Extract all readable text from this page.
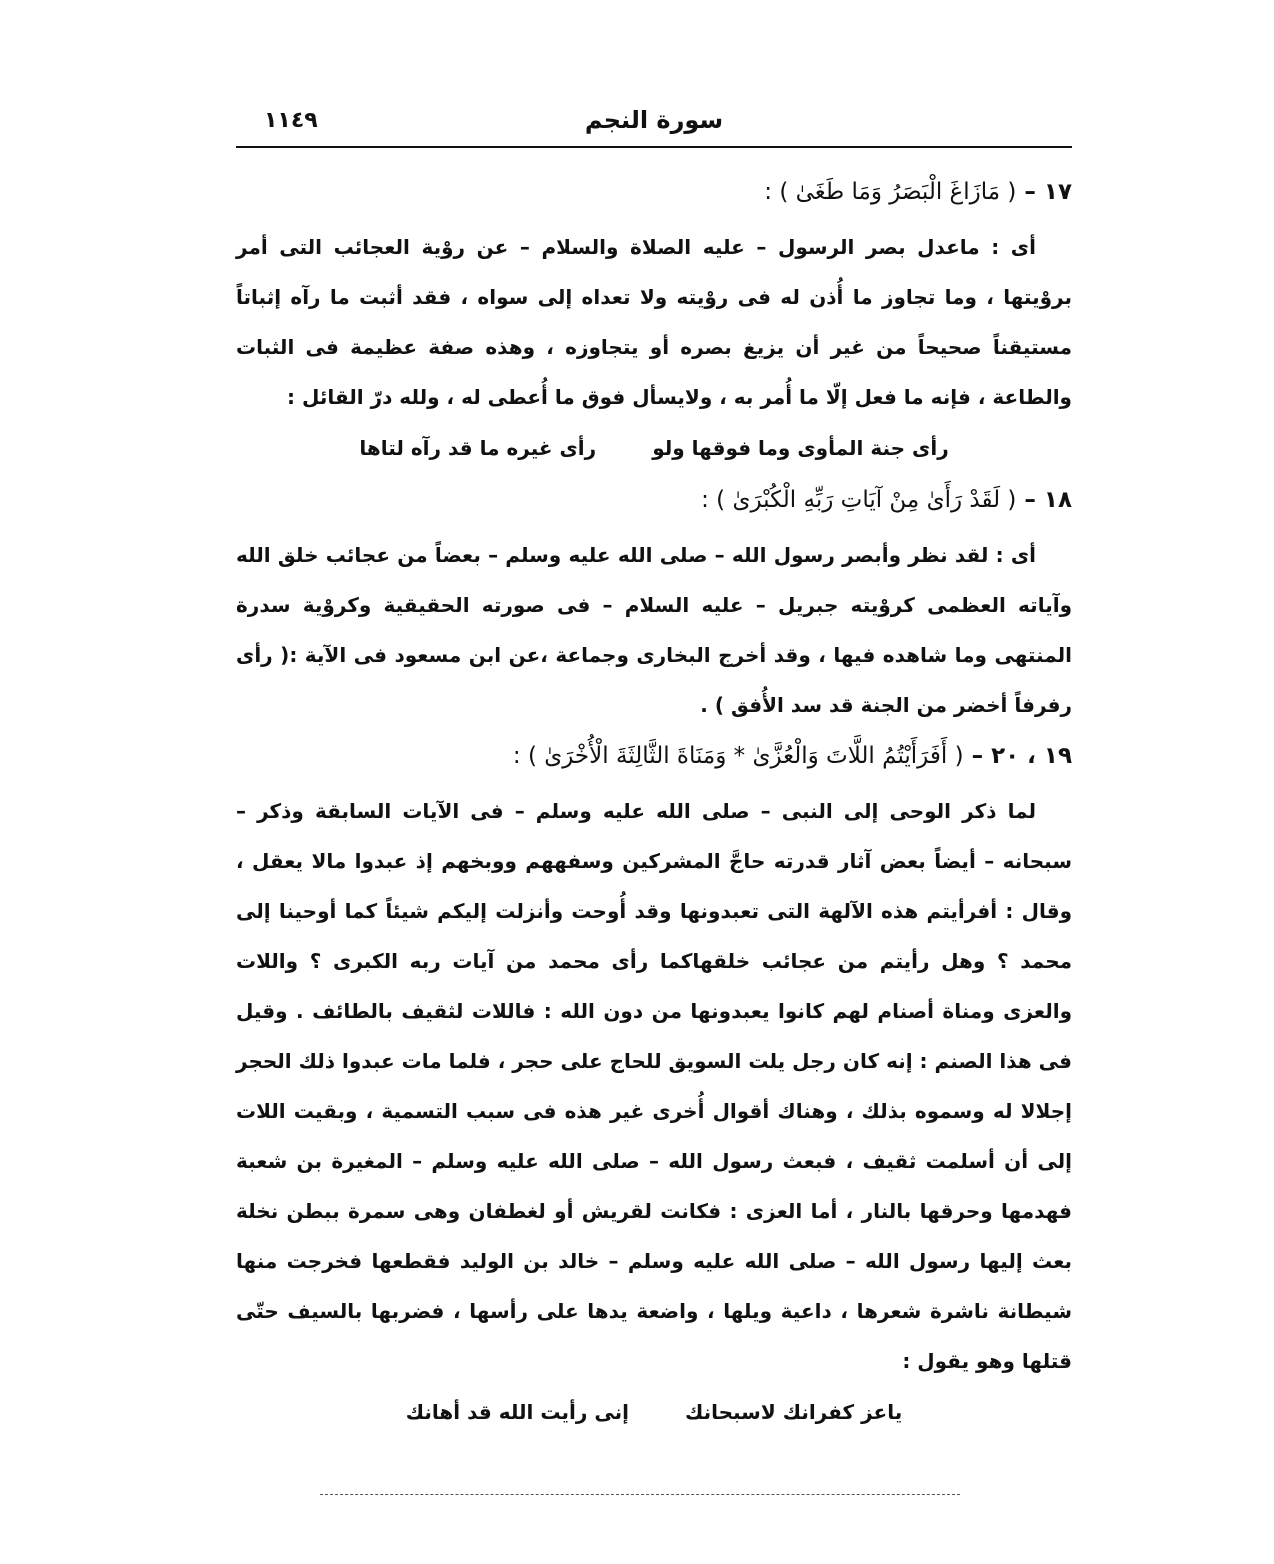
سورة النجم
١١٤٩
١٧ – ( مَازَاغَ الْبَصَرُ وَمَا طَغَىٰ ) :

أى : ماعدل بصر الرسول – عليه الصلاة والسلام – عن روْية العجائب التى أمر بروْيتها ، وما تجاوز ما أُذن له فى روْيته ولا تعداه إلى سواه ، فقد أثبت ما رآه إثباتاً مستيقناً صحيحاً من غير أن يزيغ بصره أو يتجاوزه ، وهذه صفة عظيمة فى الثبات والطاعة ، فإنه ما فعل إلّا ما أُمر به ، ولايسأل فوق ما أُعطى له ، ولله درّ القائل :

رأى جنة المأوى وما فوقها ولو
رأى غيره ما قد رآه لتاها
١٨ – ( لَقَدْ رَأَىٰ مِنْ آيَاتِ رَبِّهِ الْكُبْرَىٰ ) :

أى : لقد نظر وأبصر رسول الله – صلى الله عليه وسلم – بعضاً من عجائب خلق الله وآياته العظمى كروْيته جبريل – عليه السلام – فى صورته الحقيقية وكروْية سدرة المنتهى وما شاهده فيها ، وقد أخرج البخارى وجماعة ،عن ابن مسعود فى الآية :( رأى رفرفاً أخضر من الجنة قد سد الأُفق ) .

١٩ ، ٢٠ – ( أَفَرَأَيْتُمُ اللَّاتَ وَالْعُزَّىٰ * وَمَنَاةَ الثَّالِثَةَ الْأُخْرَىٰ ) :

لما ذكر الوحى إلى النبى – صلى الله عليه وسلم – فى الآيات السابقة وذكر – سبحانه – أيضاً بعض آثار قدرته حاجَّ المشركين وسفههم ووبخهم إذ عبدوا مالا يعقل ، وقال : أفرأيتم هذه الآلهة التى تعبدونها وقد أُوحت وأنزلت إليكم شيئاً كما أوحينا إلى محمد ؟ وهل رأيتم من عجائب خلقهاكما رأى محمد من آيات ربه الكبرى ؟ واللات والعزى ومناة أصنام لهم كانوا يعبدونها من دون الله : فاللات لثقيف بالطائف . وقيل فى هذا الصنم : إنه كان رجل يلت السويق للحاج على حجر ، فلما مات عبدوا ذلك الحجر إجلالا له وسموه بذلك ، وهناك أقوال أُخرى غير هذه فى سبب التسمية ، وبقيت اللات إلى أن أسلمت ثقيف ، فبعث رسول الله – صلى الله عليه وسلم – المغيرة بن شعبة فهدمها وحرقها بالنار ، أما العزى : فكانت لقريش أو لغطفان وهى سمرة ببطن نخلة بعث إليها رسول الله – صلى الله عليه وسلم – خالد بن الوليد فقطعها فخرجت منها شيطانة ناشرة شعرها ، داعية ويلها ، واضعة يدها على رأسها ، فضربها بالسيف حتّى قتلها وهو يقول :

ياعز كفرانك لاسبحانك
إنى رأيت الله قد أهانك
